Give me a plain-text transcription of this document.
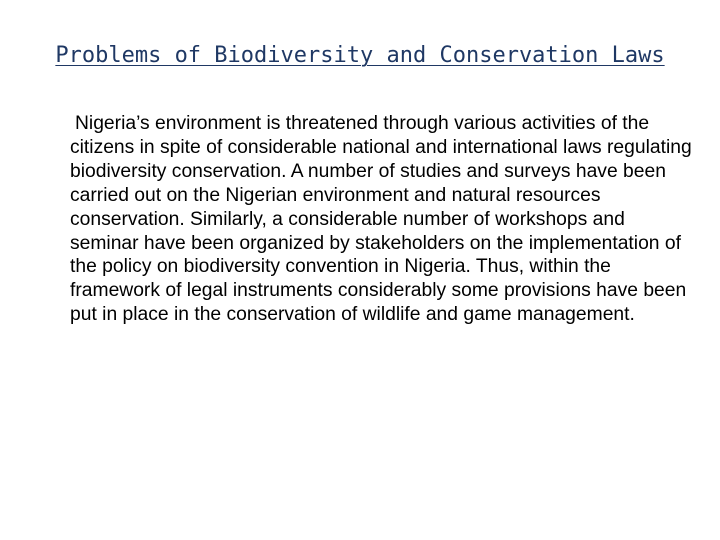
Problems of Biodiversity and Conservation Laws

Nigeria’s environment is threatened through various activities of the citizens in spite of considerable national and international laws regulating biodiversity conservation. A number of studies and surveys have been carried out on the Nigerian environment and natural resources conservation. Similarly, a considerable number of workshops and seminar have been organized by stakeholders on the implementation of the policy on biodiversity convention in Nigeria. Thus, within the framework of legal instruments considerably some provisions have been put in place in the conservation of wildlife and game management.
